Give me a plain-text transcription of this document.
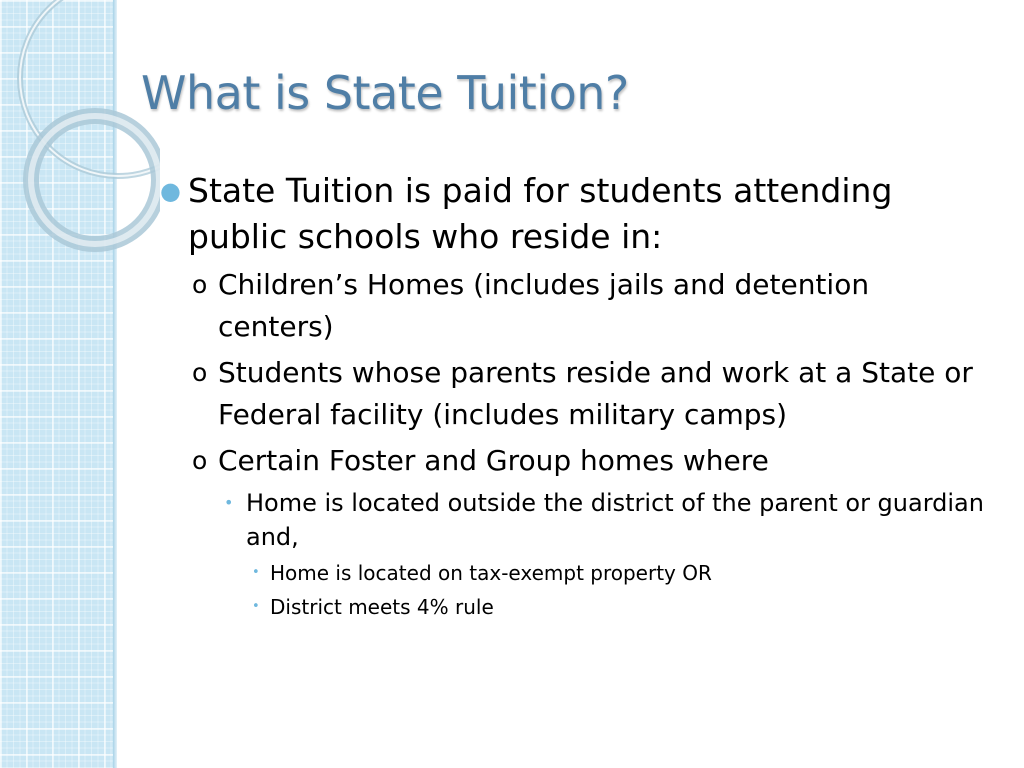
What is State Tuition?
● State Tuition is paid for students attending public schools who reside in:
o Children’s Homes (includes jails and detention centers)
o Students whose parents reside and work at a State or Federal facility (includes military camps)
o Certain Foster and Group homes where
• Home is located outside the district of the parent or guardian and,
• Home is located on tax-exempt property OR
• District meets 4% rule
